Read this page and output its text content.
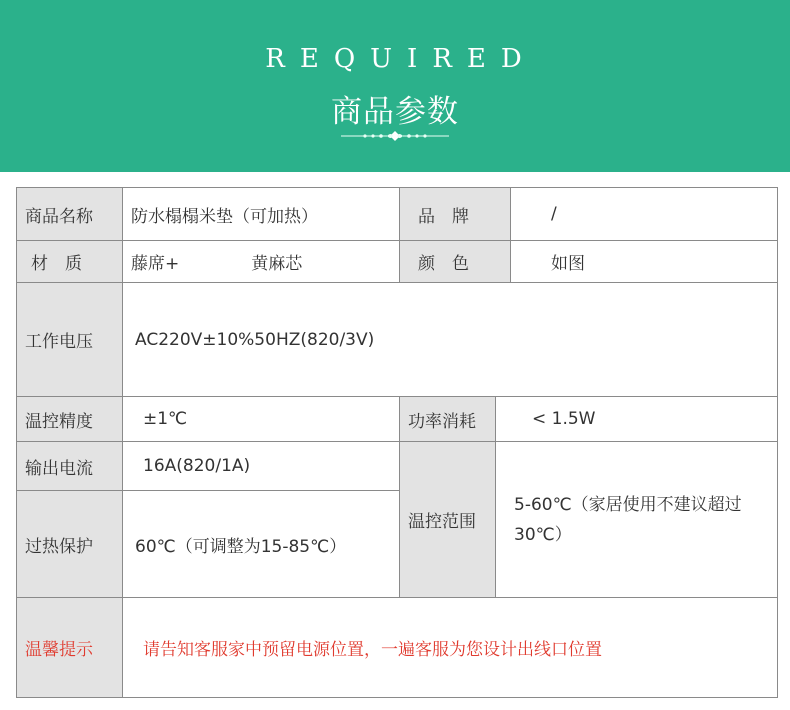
REQUIRED
商品参数
商品名称	防水榻榻米垫（可加热）	品　牌		/
材　质	藤席+ 黄麻芯	颜　色		如图
工作电压	AC220V±10%50HZ(820/3V)			
温控精度	±1℃	功率消耗	< 1.5W	
输出电流	16A(820/1A)	温控范围	5-60℃（家居使用不建议超过30℃）	
过热保护	60℃（可调整为15-85℃）			
温馨提示	请告知客服家中预留电源位置，一遍客服为您设计出线口位置			
